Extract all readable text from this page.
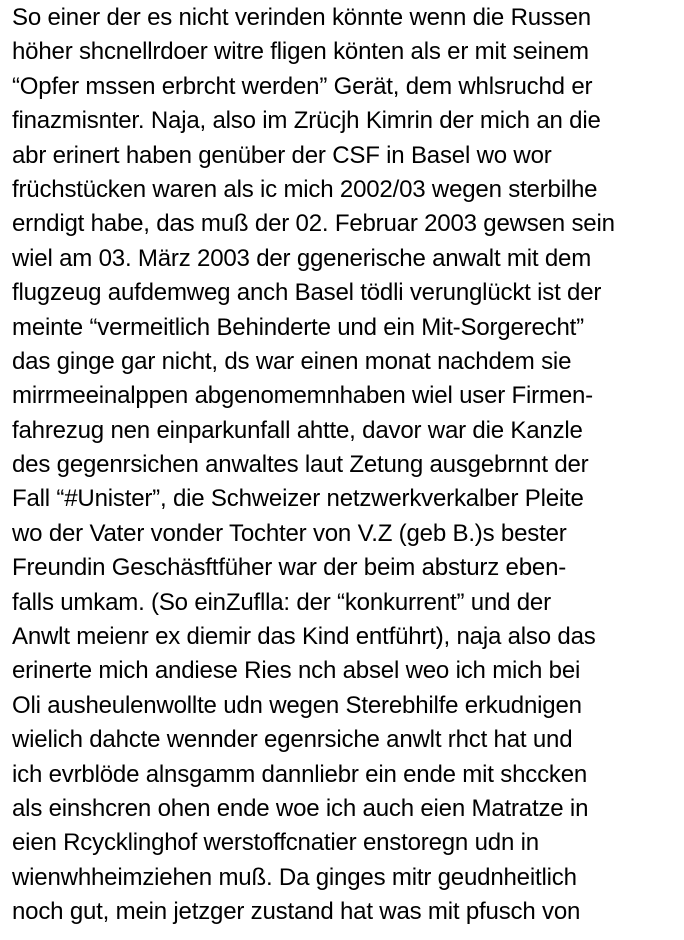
So einer der es nicht verinden könnte wenn die Russen
höher shcnellrdoer witre fligen könten als er mit seinem
“Opfer mssen erbrcht werden” Gerät, dem whlsruchd er
finazmisnter. Naja, also im Zrücjh Kimrin der mich an die
abr erinert haben genüber der CSF in Basel wo wor
früchstücken waren als ic mich 2002/03 wegen sterbilhe
erndigt habe, das muß der 02. Februar 2003 gewsen sein
wiel am 03. März 2003 der ggenerische anwalt mit dem
flugzeug aufdemweg anch Basel tödli verunglückt ist der
meinte “vermeitlich Behinderte und ein Mit-Sorgerecht”
das ginge gar nicht, ds war einen monat nachdem sie
mirrmeeinalppen abgenomemnhaben wiel user Firmen-
fahrezug nen einparkunfall ahtte, davor war die Kanzle
des gegenrsichen anwaltes laut Zetung ausgebrnnt der
Fall “#Unister”, die Schweizer netzwerkverkalber Pleite
wo der Vater vonder Tochter von V.Z (geb B.)s bester
Freundin Geschäsftfüher war der beim absturz eben-
falls umkam. (So einZuflla: der “konkurrent” und der
Anwlt meienr ex diemir das Kind entführt), naja also das
erinerte mich andiese Ries nch absel weo ich mich bei
Oli ausheulenwollte udn wegen Sterebhilfe erkudnigen
wielich dahcte wennder egenrsiche anwlt rhct hat und
ich evrblöde alnsgamm dannliebr ein ende mit shccken
als einshcren ohen ende woe ich auch eien Matratze in
eien Rcycklinghof werstoffcnatier enstoregn udn in
wienwhheimziehen muß. Da ginges mitr geudnheitlich
noch gut, mein jetzger zustand hat was mit pfusch von
